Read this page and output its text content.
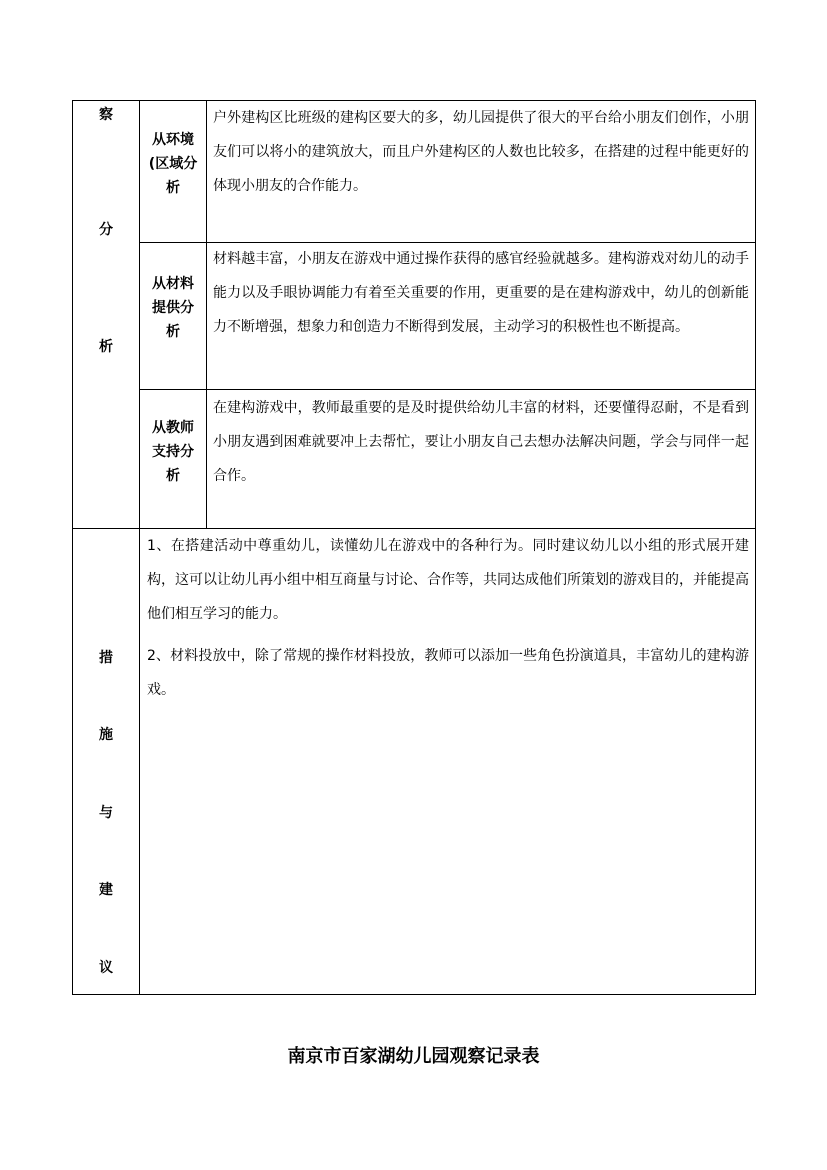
察
分
析
从环境
(区域分
析

户外建构区比班级的建构区要大的多，幼儿园提供了很大的平台给小朋友们创作，小朋友们可以将小的建筑放大，而且户外建构区的人数也比较多，在搭建的过程中能更好的体现小朋友的合作能力。

从材料
提供分
析

材料越丰富，小朋友在游戏中通过操作获得的感官经验就越多。建构游戏对幼儿的动手能力以及手眼协调能力有着至关重要的作用，更重要的是在建构游戏中，幼儿的创新能力不断增强，想象力和创造力不断得到发展，主动学习的积极性也不断提高。

从教师
支持分
析

在建构游戏中，教师最重要的是及时提供给幼儿丰富的材料，还要懂得忍耐，不是看到小朋友遇到困难就要冲上去帮忙，要让小朋友自己去想办法解决问题，学会与同伴一起合作。

措
施
与
建
议

1、在搭建活动中尊重幼儿，读懂幼儿在游戏中的各种行为。同时建议幼儿以小组的形式展开建构，这可以让幼儿再小组中相互商量与讨论、合作等，共同达成他们所策划的游戏目的，并能提高他们相互学习的能力。

2、材料投放中，除了常规的操作材料投放，教师可以添加一些角色扮演道具，丰富幼儿的建构游戏。

南京市百家湖幼儿园观察记录表
